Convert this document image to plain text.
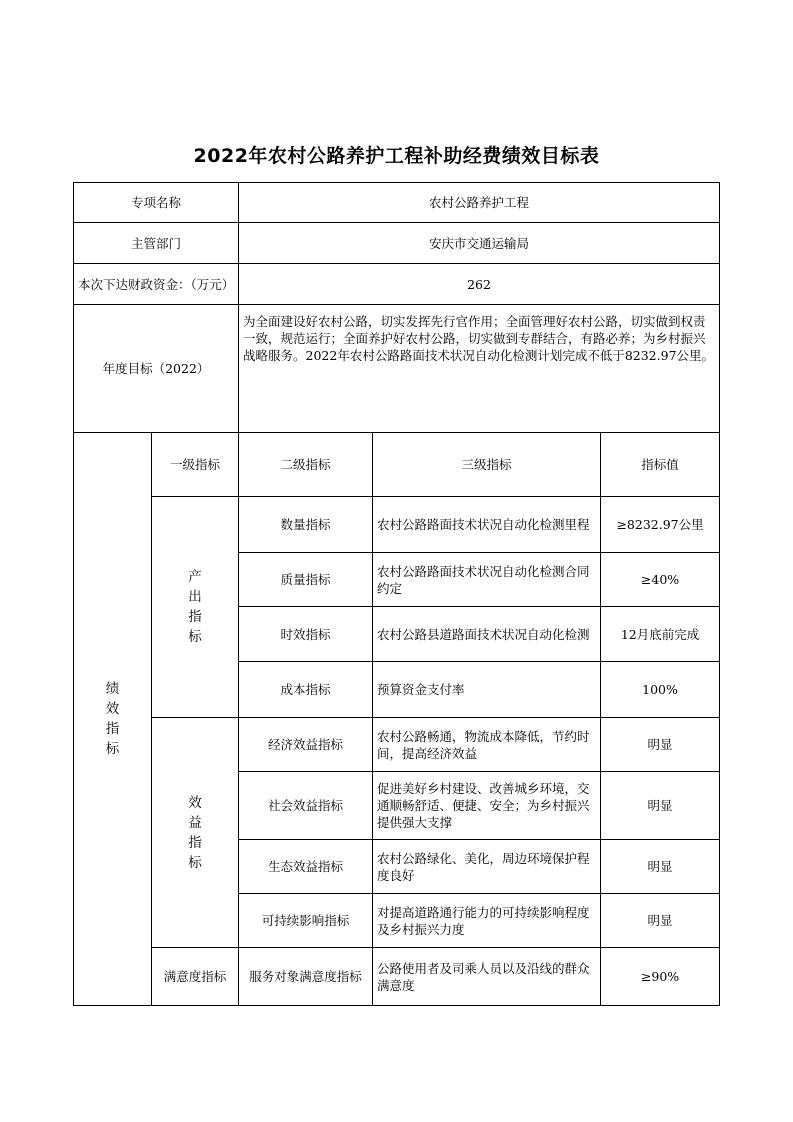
2022年农村公路养护工程补助经费绩效目标表
专项名称		农村公路养护工程		
主管部门		安庆市交通运输局		
本次下达财政资金：（万元）		262		
年度目标（2022）		为全面建设好农村公路，切实发挥先行官作用；全面管理好农村公路，切实做到权责一致，规范运行；全面养护好农村公路，切实做到专群结合，有路必养；为乡村振兴战略服务。2022年农村公路路面技术状况自动化检测计划完成不低于8232.97公里。		
绩效指标	一级指标	二级指标	三级指标	指标值
	产出指标	数量指标	农村公路路面技术状况自动化检测里程	≥8232.97公里
		质量指标	农村公路路面技术状况自动化检测合同约定	≥40%
		时效指标	农村公路县道路面技术状况自动化检测	12月底前完成
		成本指标	预算资金支付率	100%
	效益指标	经济效益指标	农村公路畅通，物流成本降低，节约时间，提高经济效益	明显
		社会效益指标	促进美好乡村建设、改善城乡环境，交通顺畅舒适、便捷、安全；为乡村振兴提供强大支撑	明显
		生态效益指标	农村公路绿化、美化，周边环境保护程度良好	明显
		可持续影响指标	对提高道路通行能力的可持续影响程度及乡村振兴力度	明显
	满意度指标	服务对象满意度指标	公路使用者及司乘人员以及沿线的群众满意度	≥90%
